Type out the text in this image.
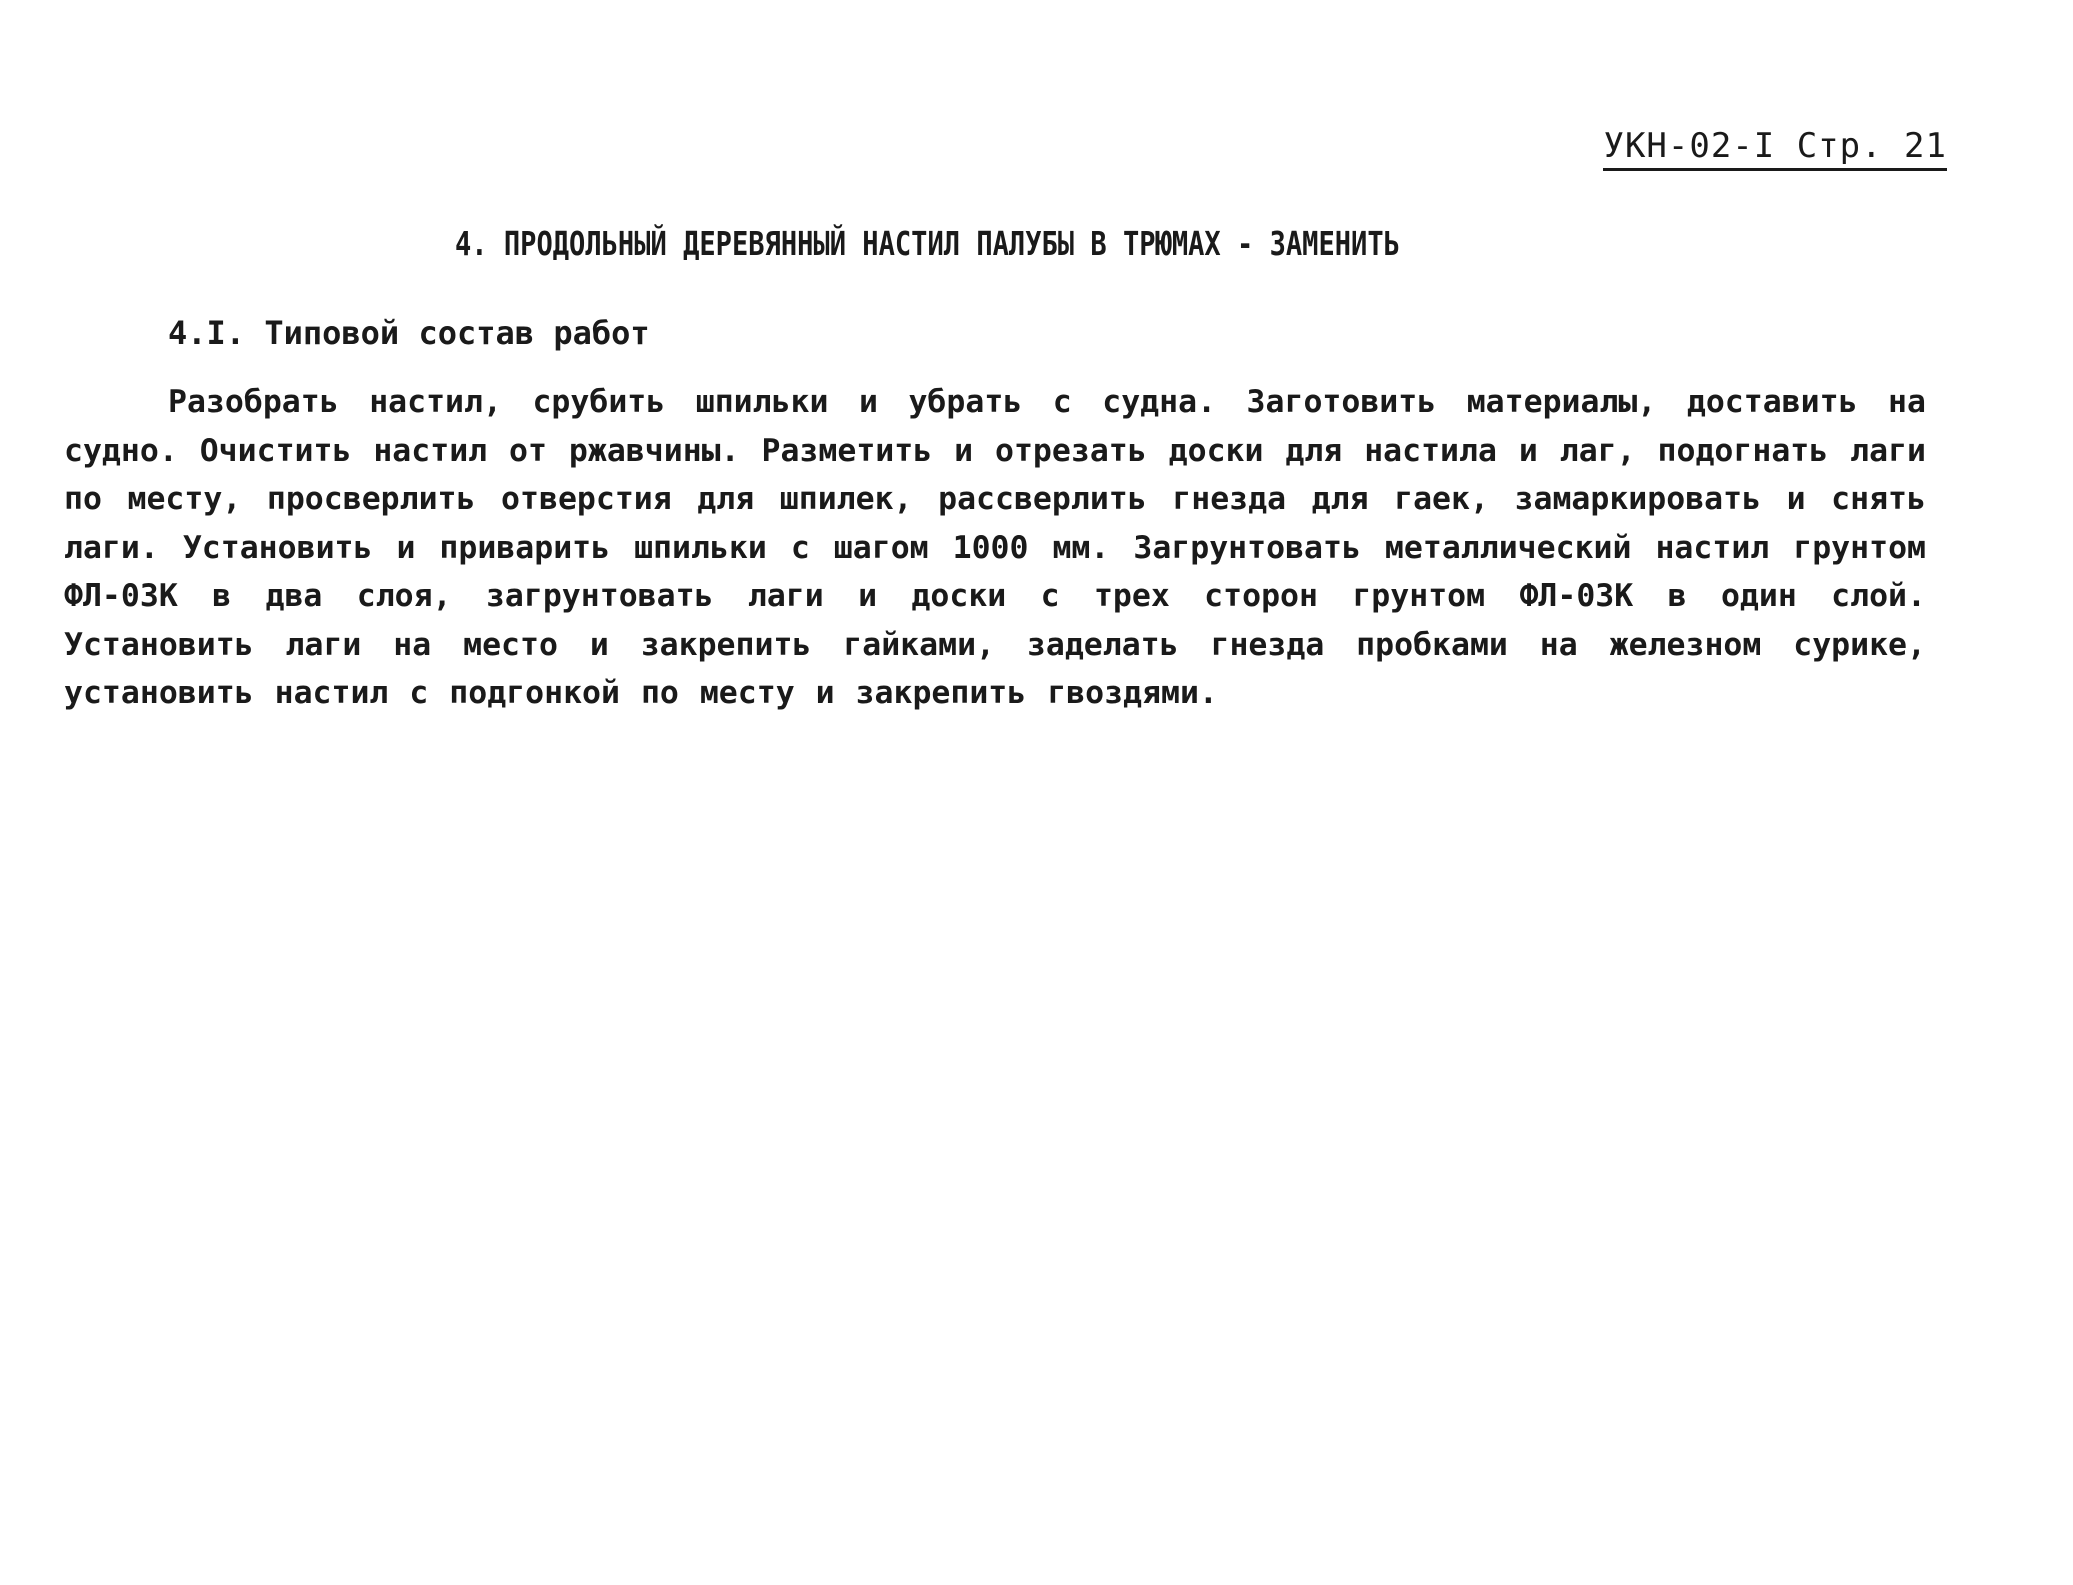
УКН-02-I Стр. 21
4. ПРОДОЛЬНЫЙ ДЕРЕВЯННЫЙ НАСТИЛ ПАЛУБЫ В ТРЮМАХ - ЗАМЕНИТЬ
4.I. Типовой состав работ
Разобрать настил, срубить шпильки и убрать с судна. Заготовить материалы, доставить на судно. Очистить настил от ржавчины. Разметить и отрезать доски для настила и лаг, подогнать лаги по месту, просверлить отверстия для шпилек, рассверлить гнезда для гаек, замаркировать и снять лаги. Установить и приварить шпильки с шагом 1000 мм. Загрунтовать металлический настил грунтом ФЛ-03К в два слоя, загрунтовать лаги и доски с трех сторон грунтом ФЛ-03К в один слой. Установить лаги на место и закрепить гайками, заделать гнезда пробками на железном сурике, установить настил с подгонкой по месту и закрепить гвоздями.
